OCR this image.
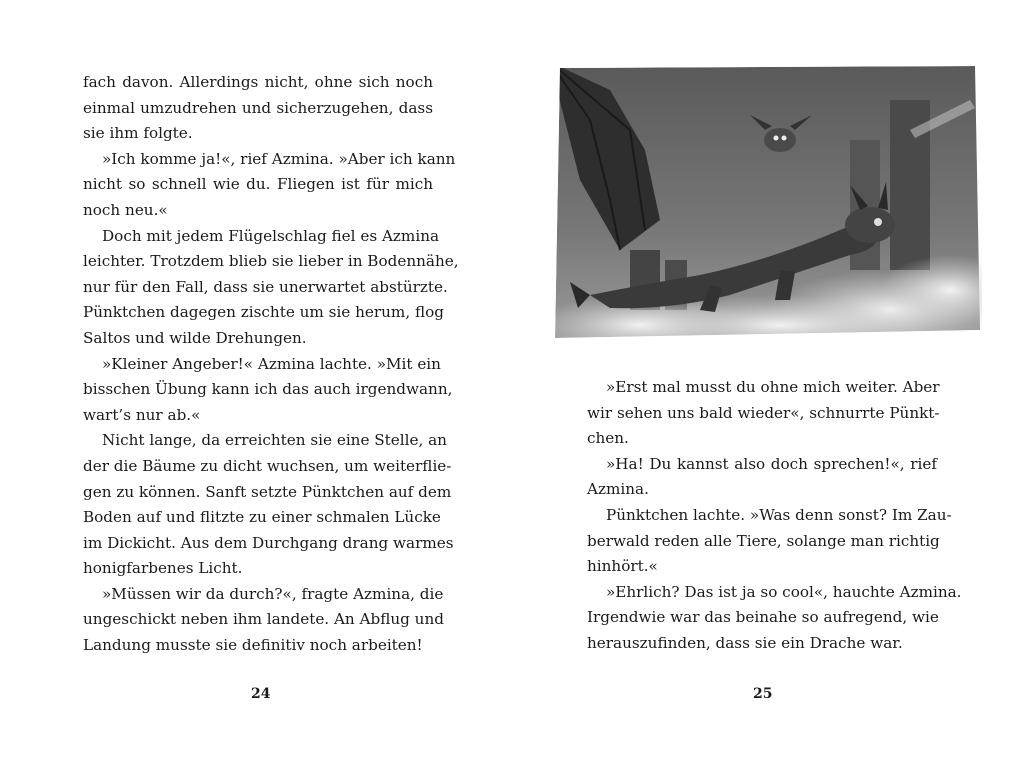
fach davon. Allerdings nicht, ohne sich noch
einmal umzudrehen und sicherzugehen, dass
sie ihm folgte.
»Ich komme ja!«, rief Azmina. »Aber ich kann
nicht so schnell wie du. Fliegen ist für mich
noch neu.«
Doch mit jedem Flügelschlag fiel es Azmina
leichter. Trotzdem blieb sie lieber in Bodennähe,
nur für den Fall, dass sie unerwartet abstürzte.
Pünktchen dagegen zischte um sie herum, flog
Saltos und wilde Drehungen.
»Kleiner Angeber!« Azmina lachte. »Mit ein
bisschen Übung kann ich das auch irgendwann,
wart’s nur ab.«
Nicht lange, da erreichten sie eine Stelle, an
der die Bäume zu dicht wuchsen, um weiterflie-
gen zu können. Sanft setzte Pünktchen auf dem
Boden auf und flitzte zu einer schmalen Lücke
im Dickicht. Aus dem Durchgang drang warmes
honigfarbenes Licht.
»Müssen wir da durch?«, fragte Azmina, die
ungeschickt neben ihm landete. An Abflug und
Landung musste sie definitiv noch arbeiten!
24
»Erst mal musst du ohne mich weiter. Aber
wir sehen uns bald wieder«, schnurrte Pünkt-
chen.
»Ha! Du kannst also doch sprechen!«, rief
Azmina.
Pünktchen lachte. »Was denn sonst? Im Zau-
berwald reden alle Tiere, solange man richtig
hinhört.«
»Ehrlich? Das ist ja so cool«, hauchte Azmina.
Irgendwie war das beinahe so aufregend, wie
herauszufinden, dass sie ein Drache war.
25
